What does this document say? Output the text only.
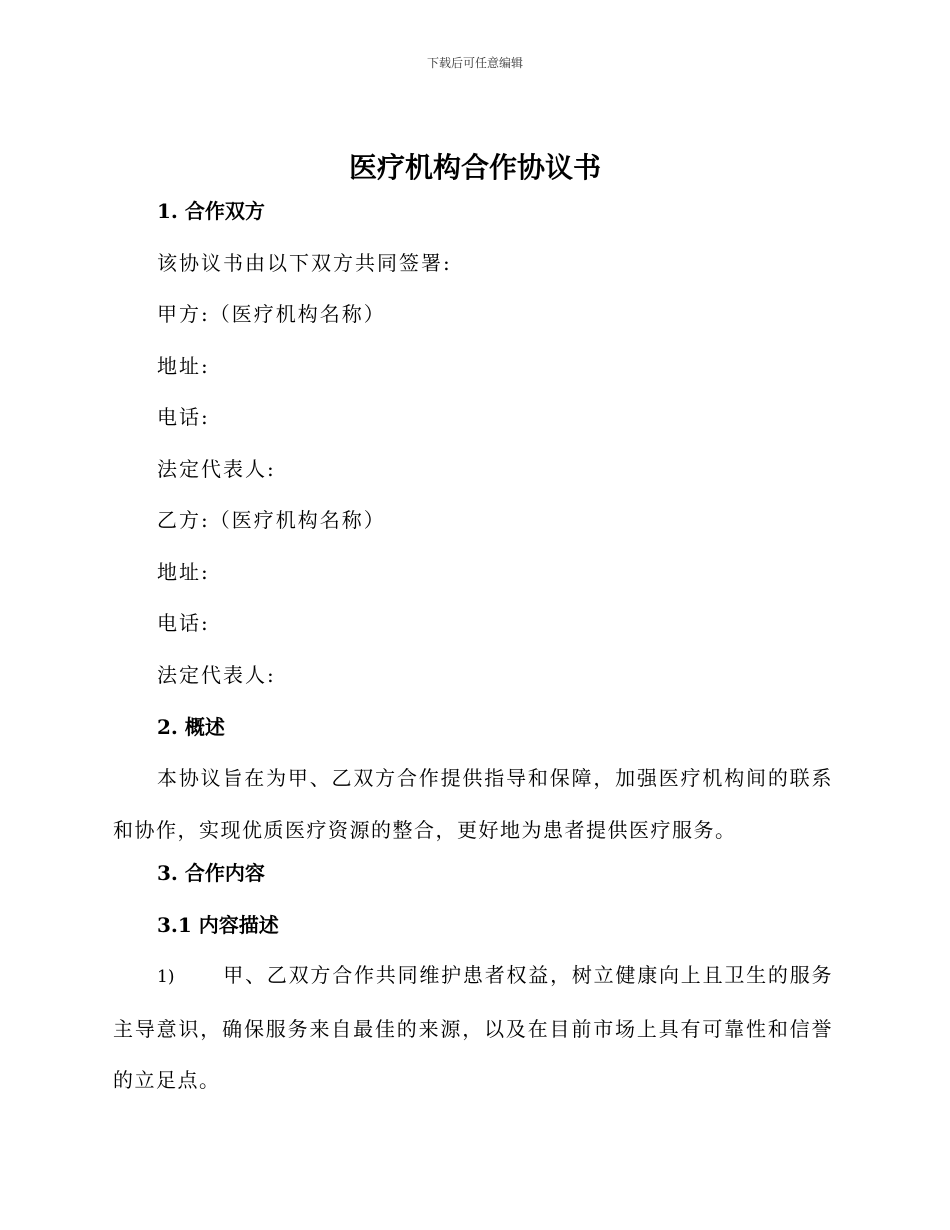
下载后可任意编辑
医疗机构合作协议书
1. 合作双方
该协议书由以下双方共同签署:
甲方:（医疗机构名称）
地址:
电话:
法定代表人:
乙方:（医疗机构名称）
地址:
电话:
法定代表人:
2. 概述
本协议旨在为甲、乙双方合作提供指导和保障，加强医疗机构间的联系和协作，实现优质医疗资源的整合，更好地为患者提供医疗服务。
3. 合作内容
3.1 内容描述
1) 甲、乙双方合作共同维护患者权益，树立健康向上且卫生的服务主导意识，确保服务来自最佳的来源，以及在目前市场上具有可靠性和信誉的立足点。
